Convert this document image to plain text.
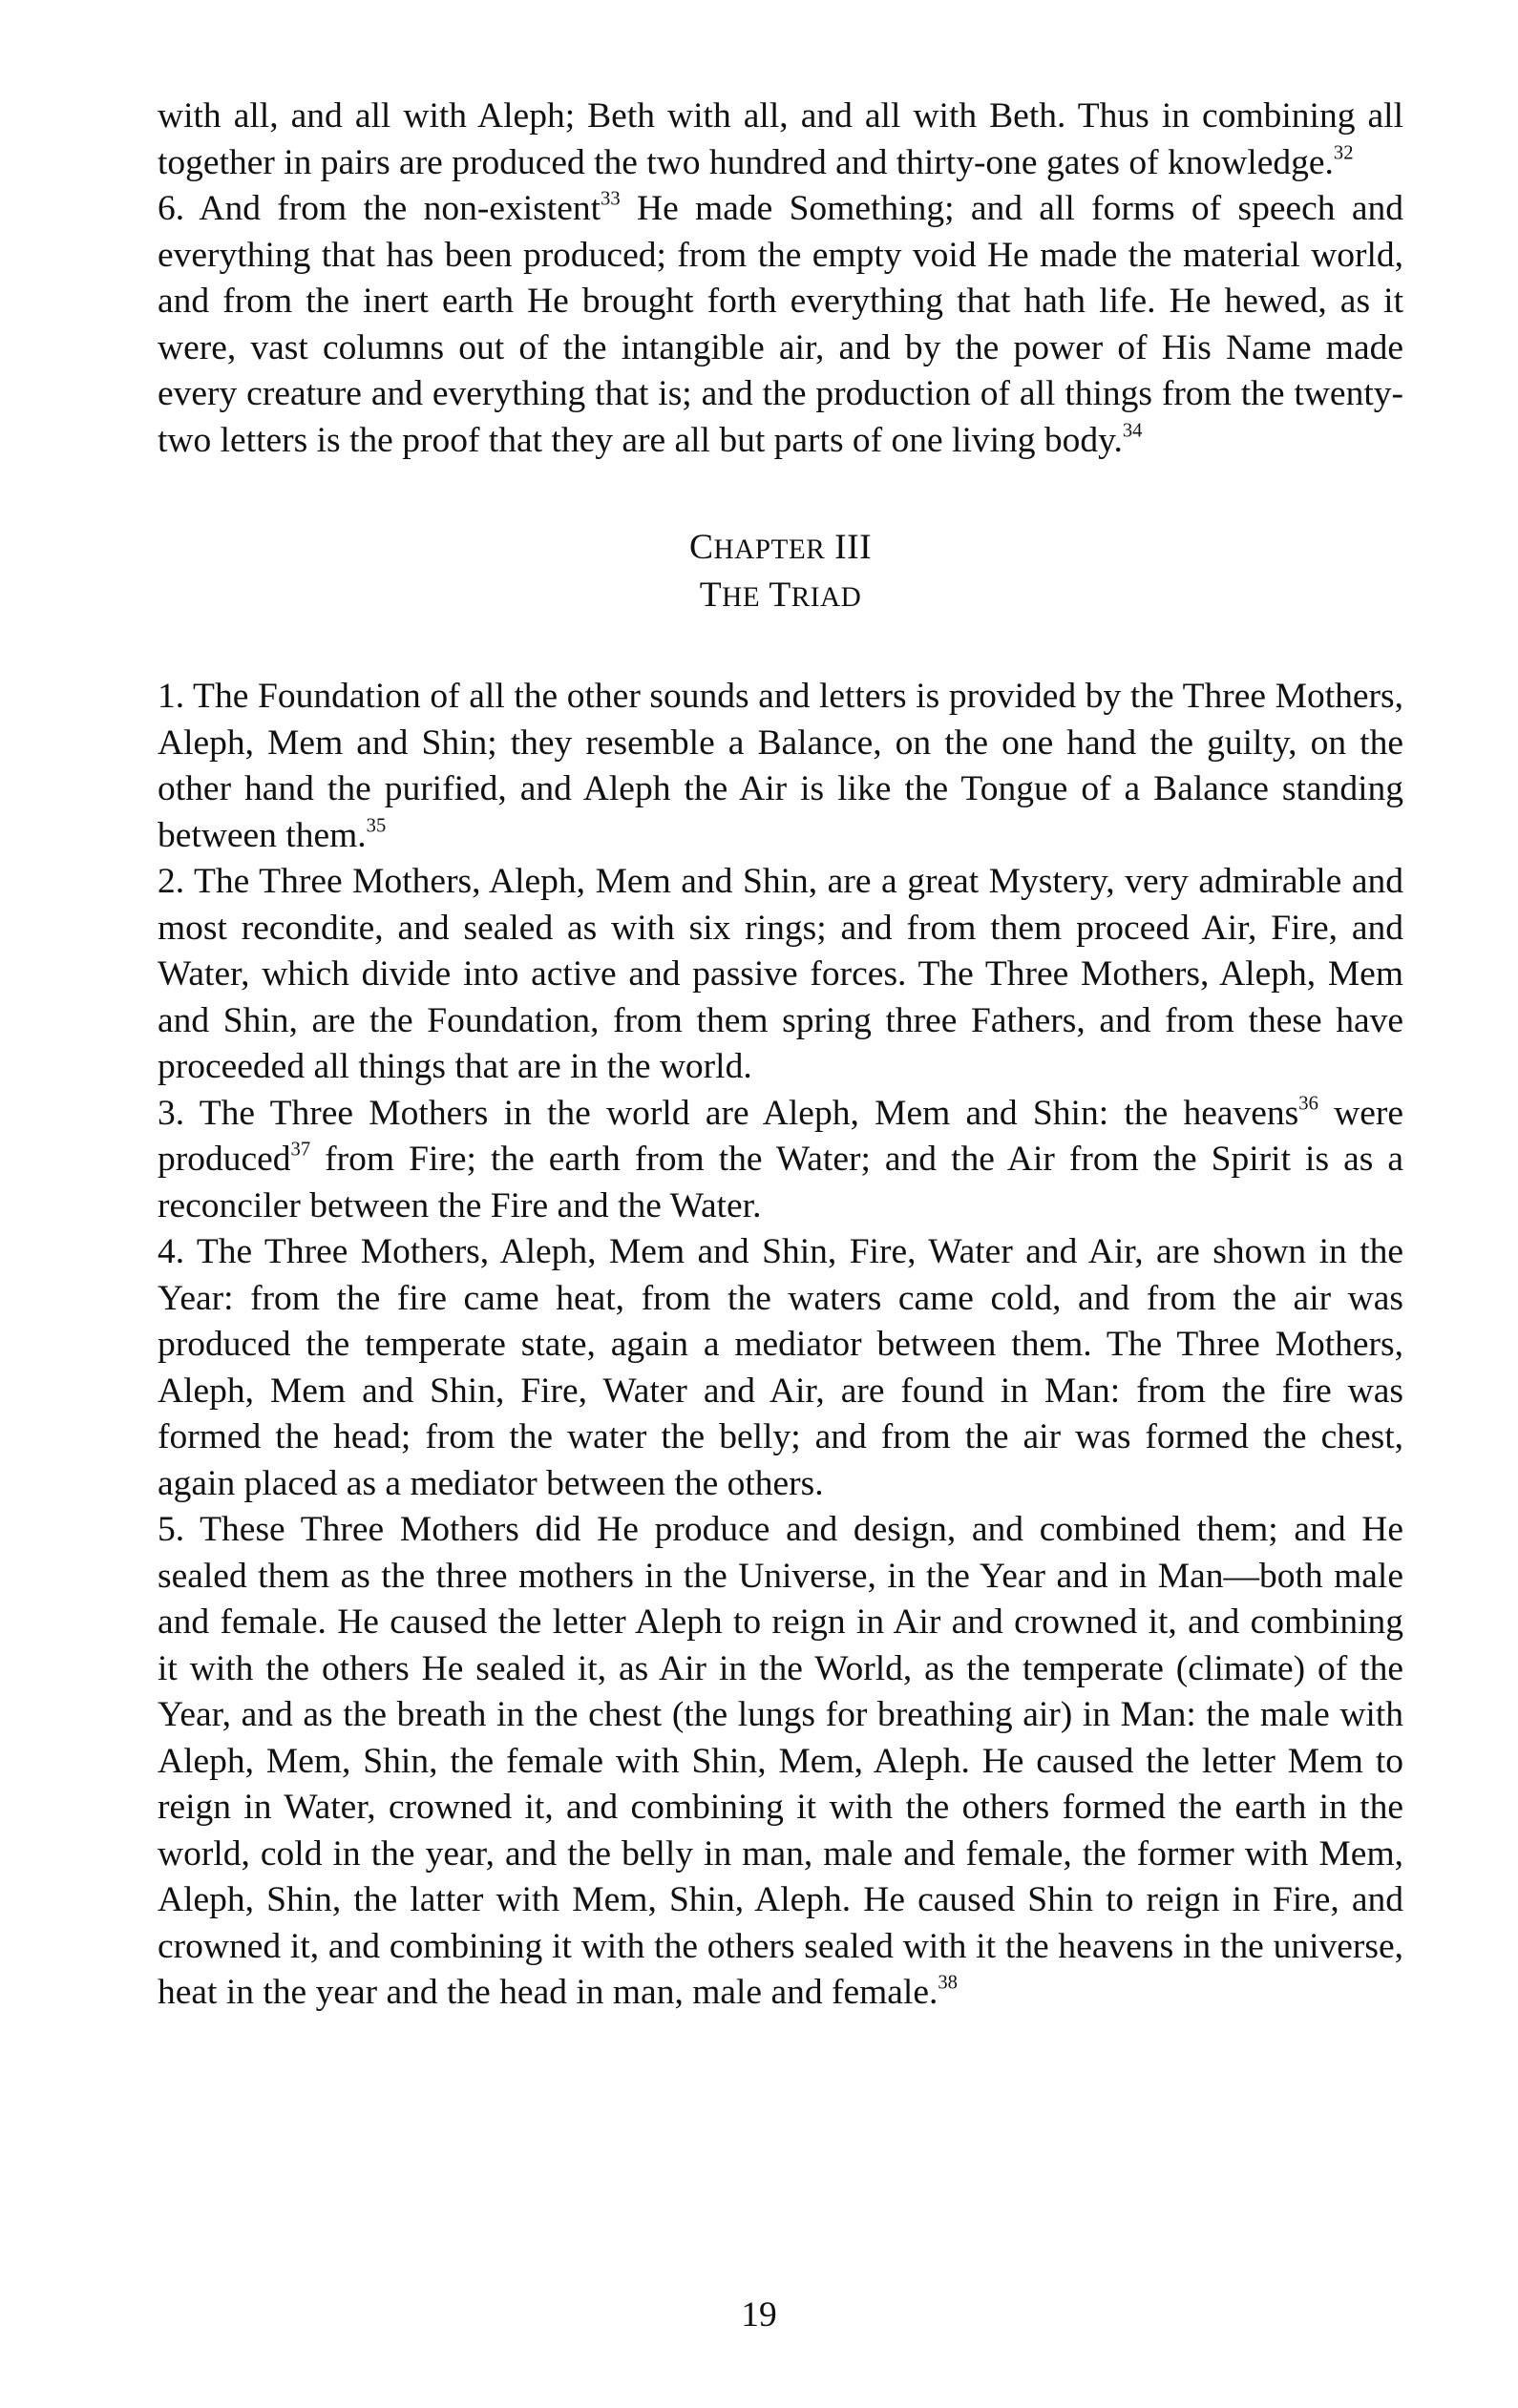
with all, and all with Aleph; Beth with all, and all with Beth. Thus in combining all together in pairs are produced the two hundred and thirty-one gates of knowledge.$^{32}$

6. And from the non-existent$^{33}$ He made Something; and all forms of speech and everything that has been produced; from the empty void He made the material world, and from the inert earth He brought forth everything that hath life. He hewed, as it were, vast columns out of the intangible air, and by the power of His Name made every creature and everything that is; and the production of all things from the twenty-two letters is the proof that they are all but parts of one living body.$^{34}$

CHAPTER III
THE TRIAD

1. The Foundation of all the other sounds and letters is provided by the Three Mothers, Aleph, Mem and Shin; they resemble a Balance, on the one hand the guilty, on the other hand the purified, and Aleph the Air is like the Tongue of a Balance standing between them.$^{35}$

2. The Three Mothers, Aleph, Mem and Shin, are a great Mystery, very admirable and most recondite, and sealed as with six rings; and from them proceed Air, Fire, and Water, which divide into active and passive forces. The Three Mothers, Aleph, Mem and Shin, are the Foundation, from them spring three Fathers, and from these have proceeded all things that are in the world.

3. The Three Mothers in the world are Aleph, Mem and Shin: the heavens$^{36}$ were produced$^{37}$ from Fire; the earth from the Water; and the Air from the Spirit is as a reconciler between the Fire and the Water.

4. The Three Mothers, Aleph, Mem and Shin, Fire, Water and Air, are shown in the Year: from the fire came heat, from the waters came cold, and from the air was produced the temperate state, again a mediator between them. The Three Mothers, Aleph, Mem and Shin, Fire, Water and Air, are found in Man: from the fire was formed the head; from the water the belly; and from the air was formed the chest, again placed as a mediator between the others.

5. These Three Mothers did He produce and design, and combined them; and He sealed them as the three mothers in the Universe, in the Year and in Man—both male and female. He caused the letter Aleph to reign in Air and crowned it, and combining it with the others He sealed it, as Air in the World, as the temperate (climate) of the Year, and as the breath in the chest (the lungs for breathing air) in Man: the male with Aleph, Mem, Shin, the female with Shin, Mem, Aleph. He caused the letter Mem to reign in Water, crowned it, and combining it with the others formed the earth in the world, cold in the year, and the belly in man, male and female, the former with Mem, Aleph, Shin, the latter with Mem, Shin, Aleph. He caused Shin to reign in Fire, and crowned it, and combining it with the others sealed with it the heavens in the universe, heat in the year and the head in man, male and female.$^{38}$

19
